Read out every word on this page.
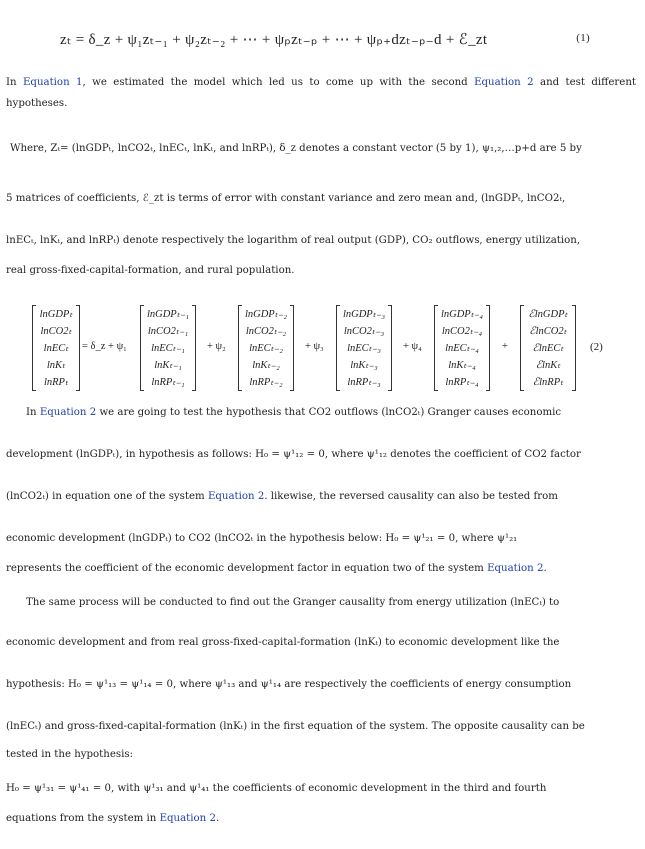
zₜ = δ_z + ψ₁zₜ₋₁ + ψ₂zₜ₋₂ + ⋯ + ψₚzₜ₋ₚ + ⋯ + ψₚ₊dzₜ₋ₚ₋d + ℰ_zt	(1)
In Equation 1, we estimated the model which led us to come up with the second Equation 2 and test different hypotheses.
Where, Zₜ= (lnGDPₜ, lnCO2ₜ, lnECₜ, lnKₜ, and lnRPₜ), δ_z denotes a constant vector (5 by 1), ψ₁,₂,…p+d are 5 by
5 matrices of coefficients, ℰ_zt is terms of error with constant variance and zero mean and, (lnGDPₜ, lnCO2ₜ,
lnECₜ, lnKₜ, and lnRPₜ) denote respectively the logarithm of real output (GDP), CO₂ outflows, energy utilization,
real gross-fixed-capital-formation, and rural population.
lnGDPₜ
lnCO2ₜ
lnECₜ
lnKₜ
lnRPₜ
= δ_z + ψ₁
lnGDPₜ₋₁
lnCO2ₜ₋₁
lnECₜ₋₁
lnKₜ₋₁
lnRPₜ₋₁
+ ψ₂
lnGDPₜ₋₂
lnCO2ₜ₋₂
lnECₜ₋₂
lnKₜ₋₂
lnRPₜ₋₂
+ ψ₃
lnGDPₜ₋₃
lnCO2ₜ₋₃
lnECₜ₋₃
lnKₜ₋₃
lnRPₜ₋₃
+ ψ₄
lnGDPₜ₋₄
lnCO2ₜ₋₄
lnECₜ₋₄
lnKₜ₋₄
lnRPₜ₋₄
+
ℰlnGDPₜ
ℰlnCO2ₜ
ℰlnECₜ
ℰlnKₜ
ℰlnRPₜ
(2)
In Equation 2 we are going to test the hypothesis that CO2 outflows (lnCO2ₜ) Granger causes economic
development (lnGDPₜ), in hypothesis as follows: H₀ = ψ¹₁₂ = 0, where ψ¹₁₂ denotes the coefficient of CO2 factor
(lnCO2ₜ) in equation one of the system Equation 2. likewise, the reversed causality can also be tested from
economic development (lnGDPₜ) to CO2 (lnCO2ₜ in the hypothesis below: H₀ = ψ¹₂₁ = 0, where ψ¹₂₁
represents the coefficient of the economic development factor in equation two of the system Equation 2.
The same process will be conducted to find out the Granger causality from energy utilization (lnECₜ) to
economic development and from real gross-fixed-capital-formation (lnKₜ) to economic development like the
hypothesis: H₀ = ψ¹₁₃ = ψ¹₁₄ = 0, where ψ¹₁₃ and ψ¹₁₄ are respectively the coefficients of energy consumption
(lnECₜ) and gross-fixed-capital-formation (lnKₜ) in the first equation of the system. The opposite causality can be
tested in the hypothesis:
H₀ = ψ¹₃₁ = ψ¹₄₁ = 0, with ψ¹₃₁ and ψ¹₄₁ the coefficients of economic development in the third and fourth
equations from the system in Equation 2.
